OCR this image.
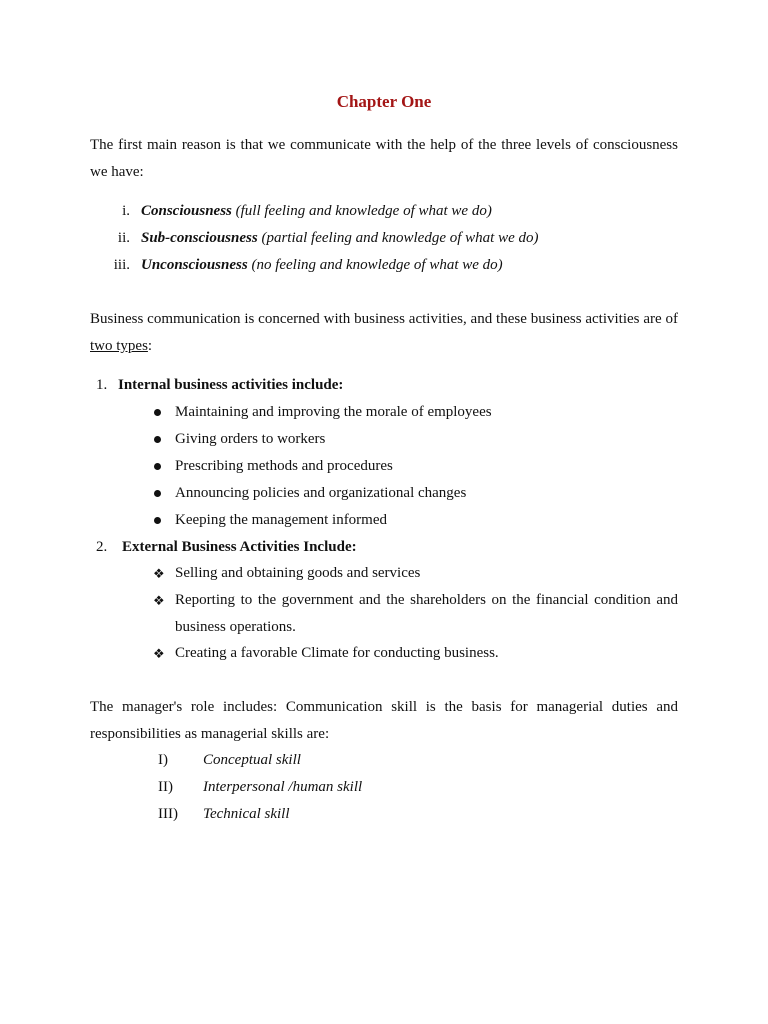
Chapter One
The first main reason is that we communicate with the help of the three levels of consciousness we have:
i. Consciousness (full feeling and knowledge of what we do)
ii. Sub-consciousness (partial feeling and knowledge of what we do)
iii. Unconsciousness (no feeling and knowledge of what we do)
Business communication is concerned with business activities, and these business activities are of two types:
1. Internal business activities include:
Maintaining and improving the morale of employees
Giving orders to workers
Prescribing methods and procedures
Announcing policies and organizational changes
Keeping the management informed
2. External Business Activities Include:
❖ Selling and obtaining goods and services
❖ Reporting to the government and the shareholders on the financial condition and business operations.
❖ Creating a favorable Climate for conducting business.
The manager's role includes: Communication skill is the basis for managerial duties and responsibilities as managerial skills are:
I) Conceptual skill
II) Interpersonal /human skill
III) Technical skill
